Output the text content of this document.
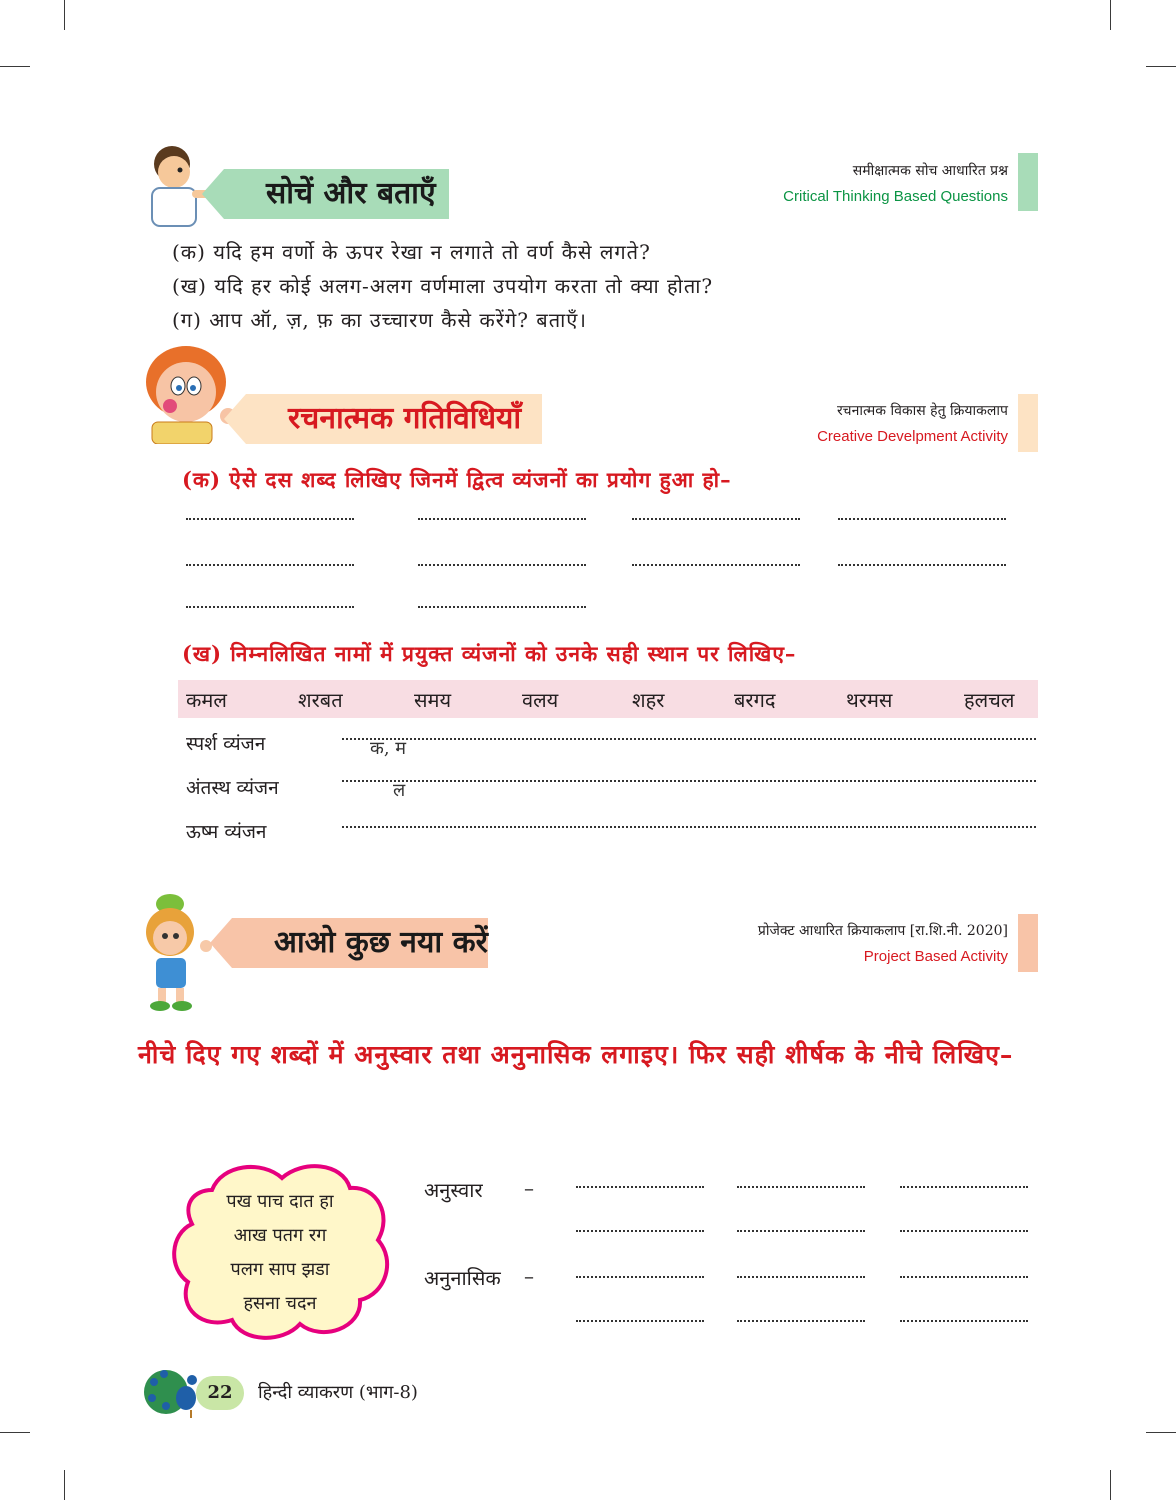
सोचें और बताएँ
समीक्षात्मक सोच आधारित प्रश्न
Critical Thinking Based Questions
(क) यदि हम वर्णो के ऊपर रेखा न लगाते तो वर्ण कैसे लगते?
(ख) यदि हर कोई अलग-अलग वर्णमाला उपयोग करता तो क्या होता?
(ग) आप ऑ, ज़, फ़ का उच्चारण कैसे करेंगे? बताएँ।
रचनात्मक गतिविधियाँ	रचनात्मक विकास हेतु क्रियाकलाप
Creative Develpment Activity
(क) ऐसे दस शब्द लिखिए जिनमें द्वित्व व्यंजनों का प्रयोग हुआ हो–
(ख) निम्नलिखित नामों में प्रयुक्त व्यंजनों को उनके सही स्थान पर लिखिए–
कमल	शरबत	समय	वलय	शहर	बरगद	थरमस	हलचल
स्पर्श व्यंजन	क, म
अंतस्थ व्यंजन	ल
ऊष्म व्यंजन
आओ कुछ नया करें	प्रोजेक्ट आधारित क्रियाकलाप [रा.शि.नी. 2020]
Project Based Activity
नीचे दिए गए शब्दों में अनुस्वार तथा अनुनासिक लगाइए। फिर सही शीर्षक के नीचे लिखिए–
पख पाच दात हा
आख पतग रग
पलग साप झडा
हसना चदन
अनुस्वार –
अनुनासिक –
22	हिन्दी व्याकरण (भाग-8)
